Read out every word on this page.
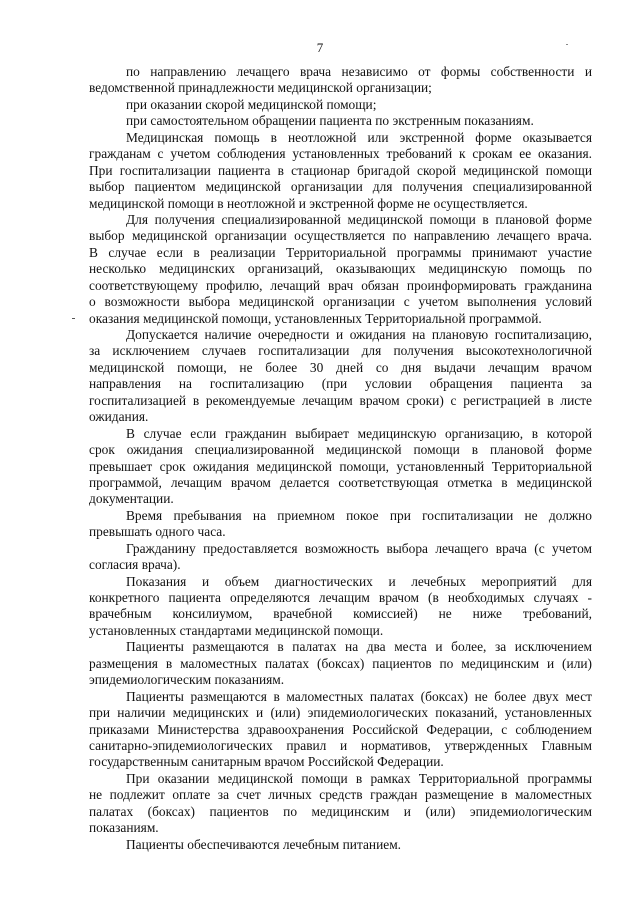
7
по направлению лечащего врача независимо от формы собственности и
ведомственной принадлежности медицинской организации;
при оказании скорой медицинской помощи;
при самостоятельном обращении пациента по экстренным показаниям.
Медицинская помощь в неотложной или экстренной форме оказывается
гражданам с учетом соблюдения установленных требований к срокам ее оказания.
При госпитализации пациента в стационар бригадой скорой медицинской помощи
выбор пациентом медицинской организации для получения специализированной
медицинской помощи в неотложной и экстренной форме не осуществляется.
Для получения специализированной медицинской помощи в плановой форме
выбор медицинской организации осуществляется по направлению лечащего врача.
В случае если в реализации Территориальной программы принимают участие
несколько медицинских организаций, оказывающих медицинскую помощь по
соответствующему профилю, лечащий врач обязан проинформировать гражданина
о возможности выбора медицинской организации с учетом выполнения условий
оказания медицинской помощи, установленных Территориальной программой.
Допускается наличие очередности и ожидания на плановую госпитализацию,
за исключением случаев госпитализации для получения высокотехнологичной
медицинской помощи, не более 30 дней со дня выдачи лечащим врачом
направления на госпитализацию (при условии обращения пациента за
госпитализацией в рекомендуемые лечащим врачом сроки) с регистрацией в листе
ожидания.
В случае если гражданин выбирает медицинскую организацию, в которой
срок ожидания специализированной медицинской помощи в плановой форме
превышает срок ожидания медицинской помощи, установленный Территориальной
программой, лечащим врачом делается соответствующая отметка в медицинской
документации.
Время пребывания на приемном покое при госпитализации не должно
превышать одного часа.
Гражданину предоставляется возможность выбора лечащего врача (с учетом
согласия врача).
Показания и объем диагностических и лечебных мероприятий для
конкретного пациента определяются лечащим врачом (в необходимых случаях -
врачебным консилиумом, врачебной комиссией) не ниже требований,
установленных стандартами медицинской помощи.
Пациенты размещаются в палатах на два места и более, за исключением
размещения в маломестных палатах (боксах) пациентов по медицинским и (или)
эпидемиологическим показаниям.
Пациенты размещаются в маломестных палатах (боксах) не более двух мест
при наличии медицинских и (или) эпидемиологических показаний, установленных
приказами Министерства здравоохранения Российской Федерации, с соблюдением
санитарно-эпидемиологических правил и нормативов, утвержденных Главным
государственным санитарным врачом Российской Федерации.
При оказании медицинской помощи в рамках Территориальной программы
не подлежит оплате за счет личных средств граждан размещение в маломестных
палатах (боксах) пациентов по медицинским и (или) эпидемиологическим
показаниям.
Пациенты обеспечиваются лечебным питанием.
